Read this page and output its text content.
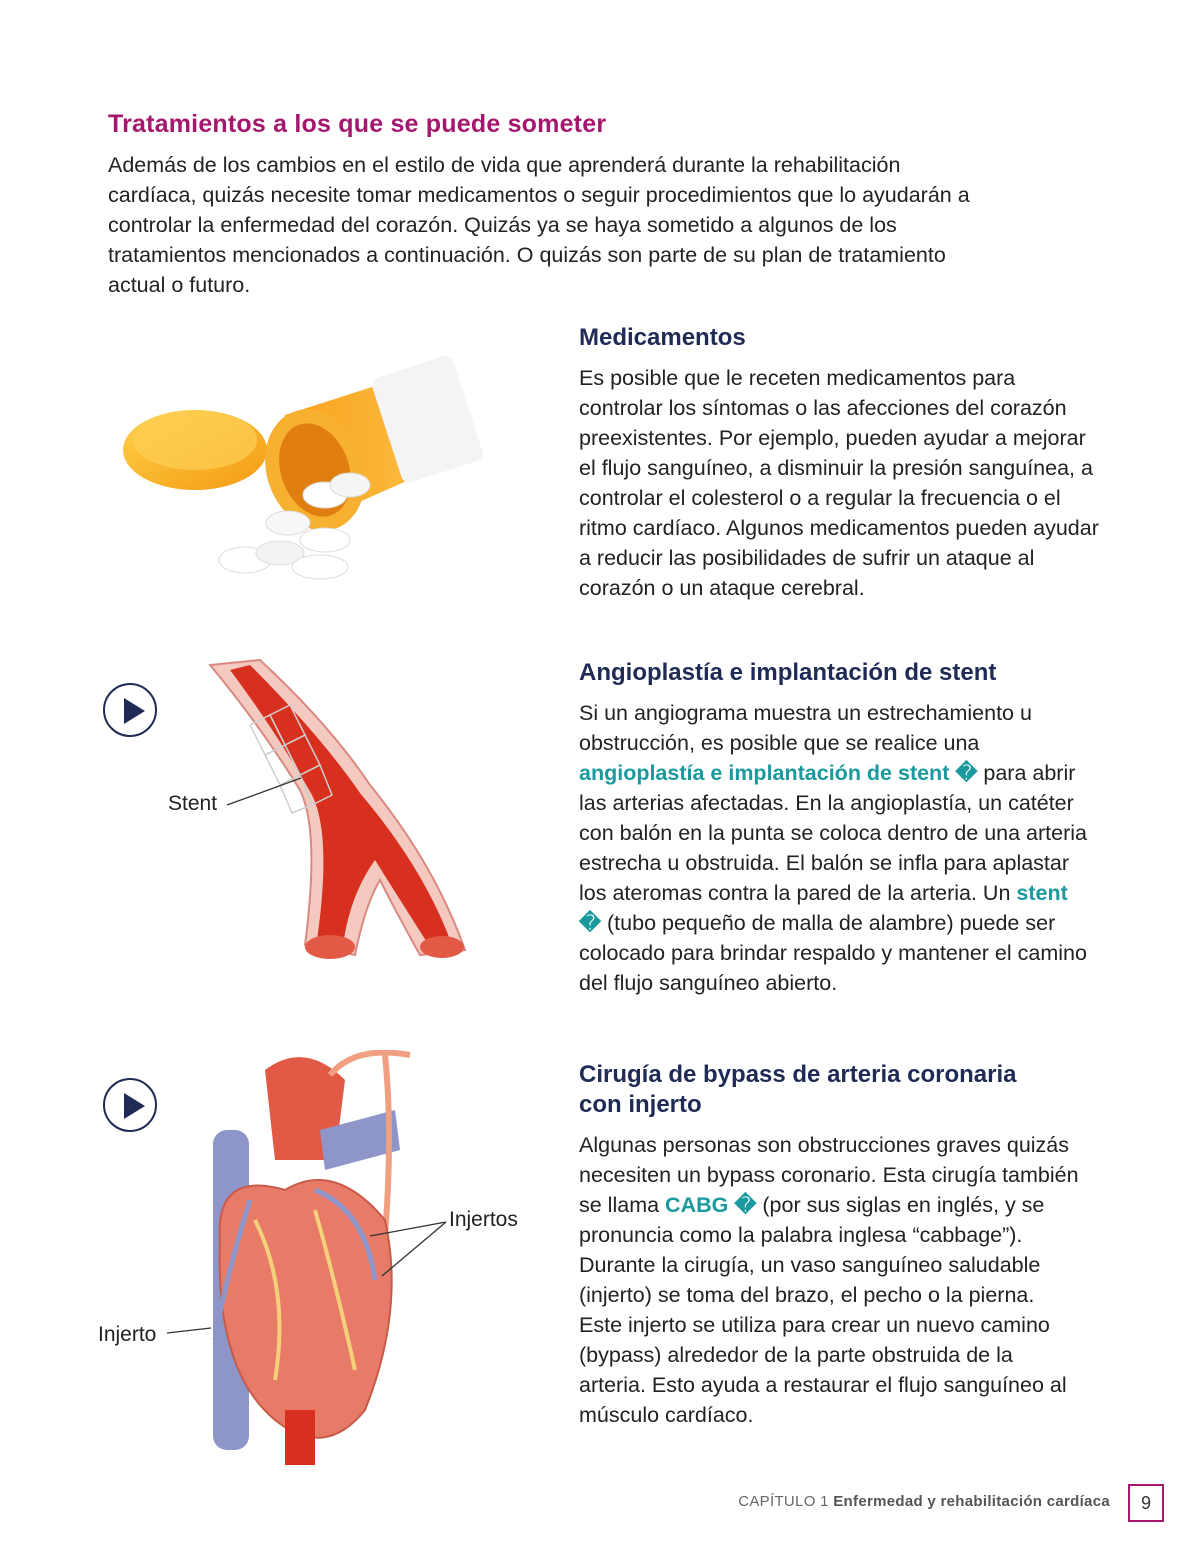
Tratamientos a los que se puede someter

Además de los cambios en el estilo de vida que aprenderá durante la rehabilitación cardíaca, quizás necesite tomar medicamentos o seguir procedimientos que lo ayudarán a controlar la enfermedad del corazón. Quizás ya se haya sometido a algunos de los tratamientos mencionados a continuación. O quizás son parte de su plan de tratamiento actual o futuro.

Stent
Injertos
Injerto
Medicamentos

Es posible que le receten medicamentos para controlar los síntomas o las afecciones del corazón preexistentes. Por ejemplo, pueden ayudar a mejorar el flujo sanguíneo, a disminuir la presión sanguínea, a controlar el colesterol o a regular la frecuencia o el ritmo cardíaco. Algunos medicamentos pueden ayudar a reducir las posibilidades de sufrir un ataque al corazón o un ataque cerebral.

Angioplastía e implantación de stent

Si un angiograma muestra un estrechamiento u obstrucción, es posible que se realice una angioplastía e implantación de stent � para abrir las arterias afectadas. En la angioplastía, un catéter con balón en la punta se coloca dentro de una arteria estrecha u obstruida. El balón se infla para aplastar los ateromas contra la pared de la arteria. Un stent � (tubo pequeño de malla de alambre) puede ser colocado para brindar respaldo y mantener el camino del flujo sanguíneo abierto.

Cirugía de bypass de arteria coronaria con injerto

Algunas personas son obstrucciones graves quizás necesiten un bypass coronario. Esta cirugía también se llama CABG � (por sus siglas en inglés, y se pronuncia como la palabra inglesa “cabbage”). Durante la cirugía, un vaso sanguíneo saludable (injerto) se toma del brazo, el pecho o la pierna. Este injerto se utiliza para crear un nuevo camino (bypass) alrededor de la parte obstruida de la arteria. Esto ayuda a restaurar el flujo sanguíneo al músculo cardíaco.

CAPÍTULO 1 Enfermedad y rehabilitación cardíaca	9
